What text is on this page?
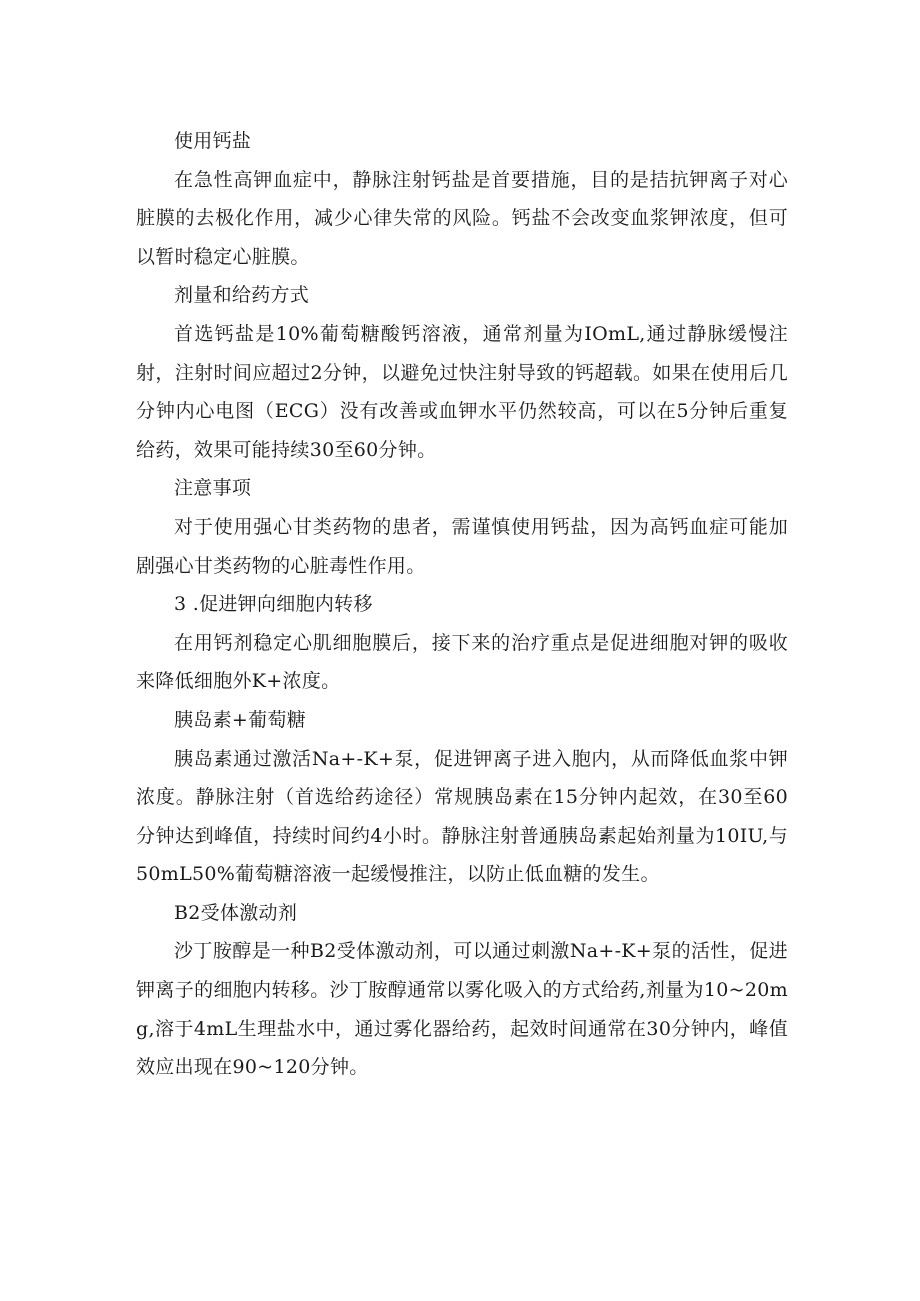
使用钙盐

在急性高钾血症中，静脉注射钙盐是首要措施，目的是拮抗钾离子对心脏膜的去极化作用，减少心律失常的风险。钙盐不会改变血浆钾浓度，但可以暂时稳定心脏膜。

剂量和给药方式

首选钙盐是10%葡萄糖酸钙溶液，通常剂量为IOmL,通过静脉缓慢注射，注射时间应超过2分钟，以避免过快注射导致的钙超载。如果在使用后几分钟内心电图（ECG）没有改善或血钾水平仍然较高，可以在5分钟后重复给药，效果可能持续30至60分钟。

注意事项

对于使用强心甘类药物的患者，需谨慎使用钙盐，因为高钙血症可能加剧强心甘类药物的心脏毒性作用。

3 .促进钾向细胞内转移

在用钙剂稳定心肌细胞膜后，接下来的治疗重点是促进细胞对钾的吸收来降低细胞外K+浓度。

胰岛素+葡萄糖

胰岛素通过激活Na+-K+泵，促进钾离子进入胞内，从而降低血浆中钾浓度。静脉注射（首选给药途径）常规胰岛素在15分钟内起效，在30至60分钟达到峰值，持续时间约4小时。静脉注射普通胰岛素起始剂量为10IU,与50mL50%葡萄糖溶液一起缓慢推注，以防止低血糖的发生。

B2受体激动剂

沙丁胺醇是一种B2受体激动剂，可以通过刺激Na+-K+泵的活性，促进钾离子的细胞内转移。沙丁胺醇通常以雾化吸入的方式给药,剂量为10~20mg,溶于4mL生理盐水中，通过雾化器给药，起效时间通常在30分钟内，峰值效应出现在90~120分钟。
